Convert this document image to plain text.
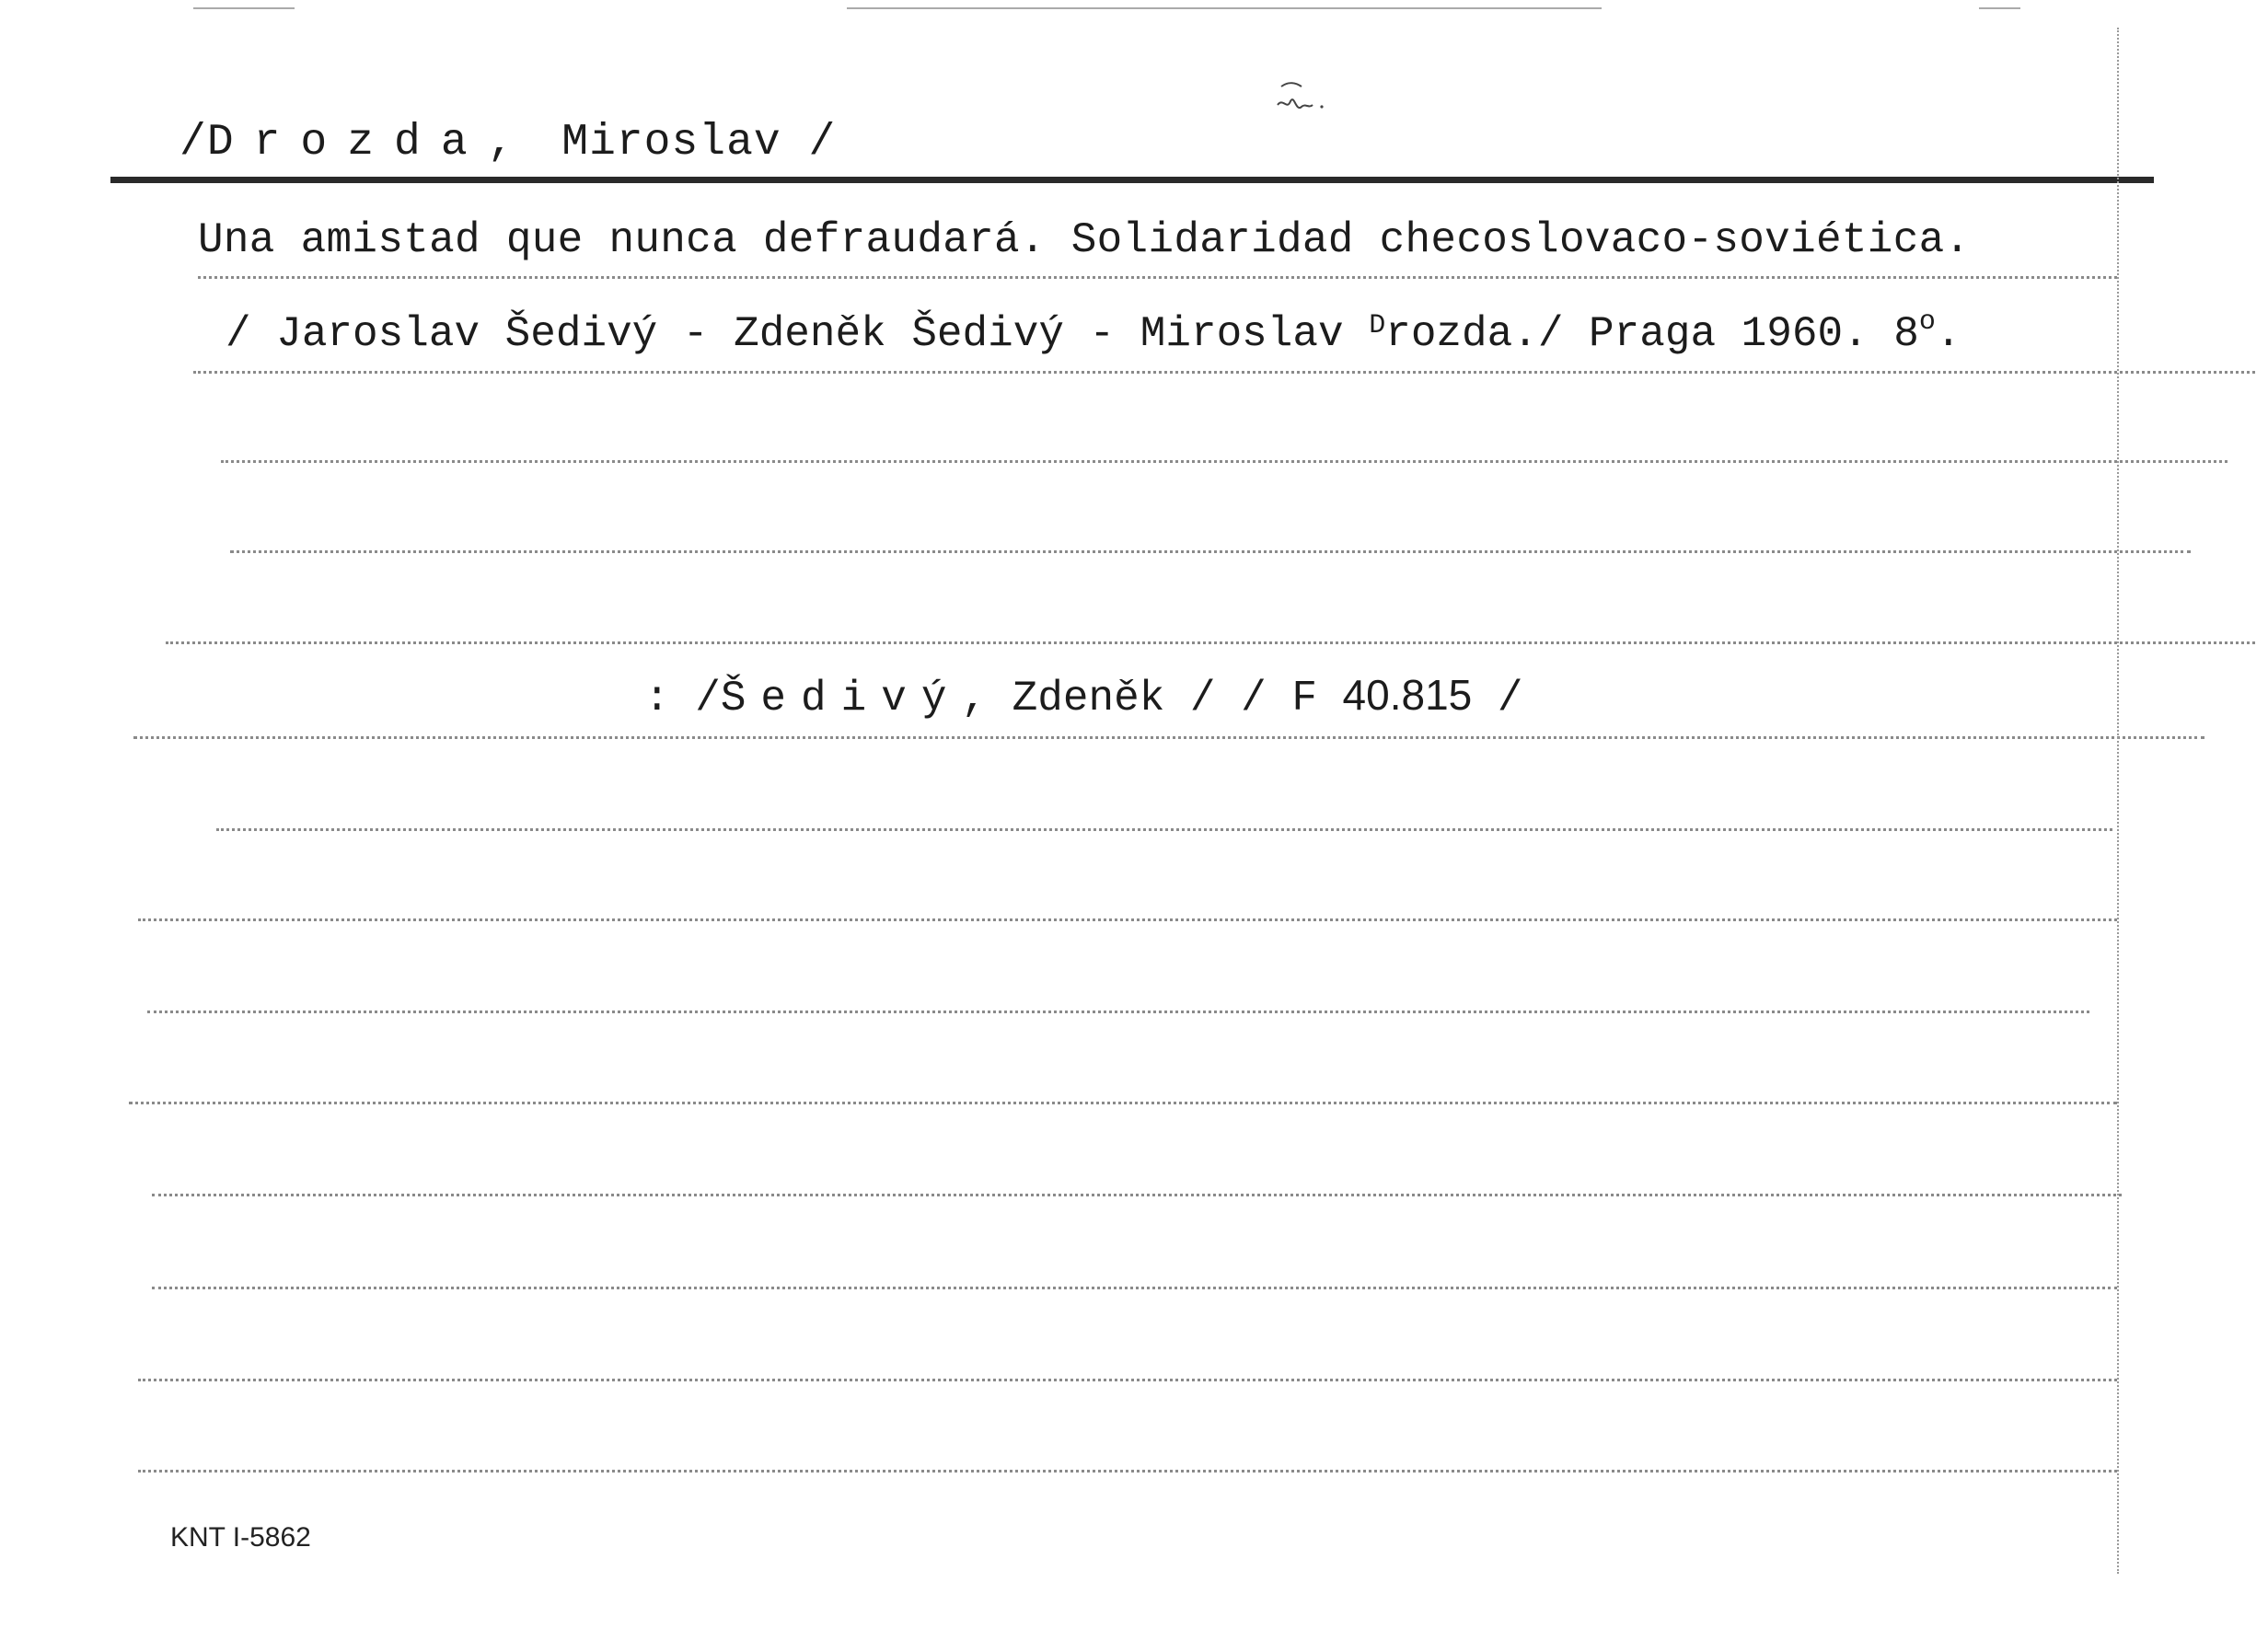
/Drozda, Miroslav /
Una amistad que nunca defraudará. Solidaridad checoslovaco-soviética.
/ Jaroslav Šedivý - Zdeněk Šedivý - Miroslav $^D$rozda./ Praga 1960. 8$^o$.
: /Šedivý, Zdeněk / / F 40.815 /
KNT I-5862
